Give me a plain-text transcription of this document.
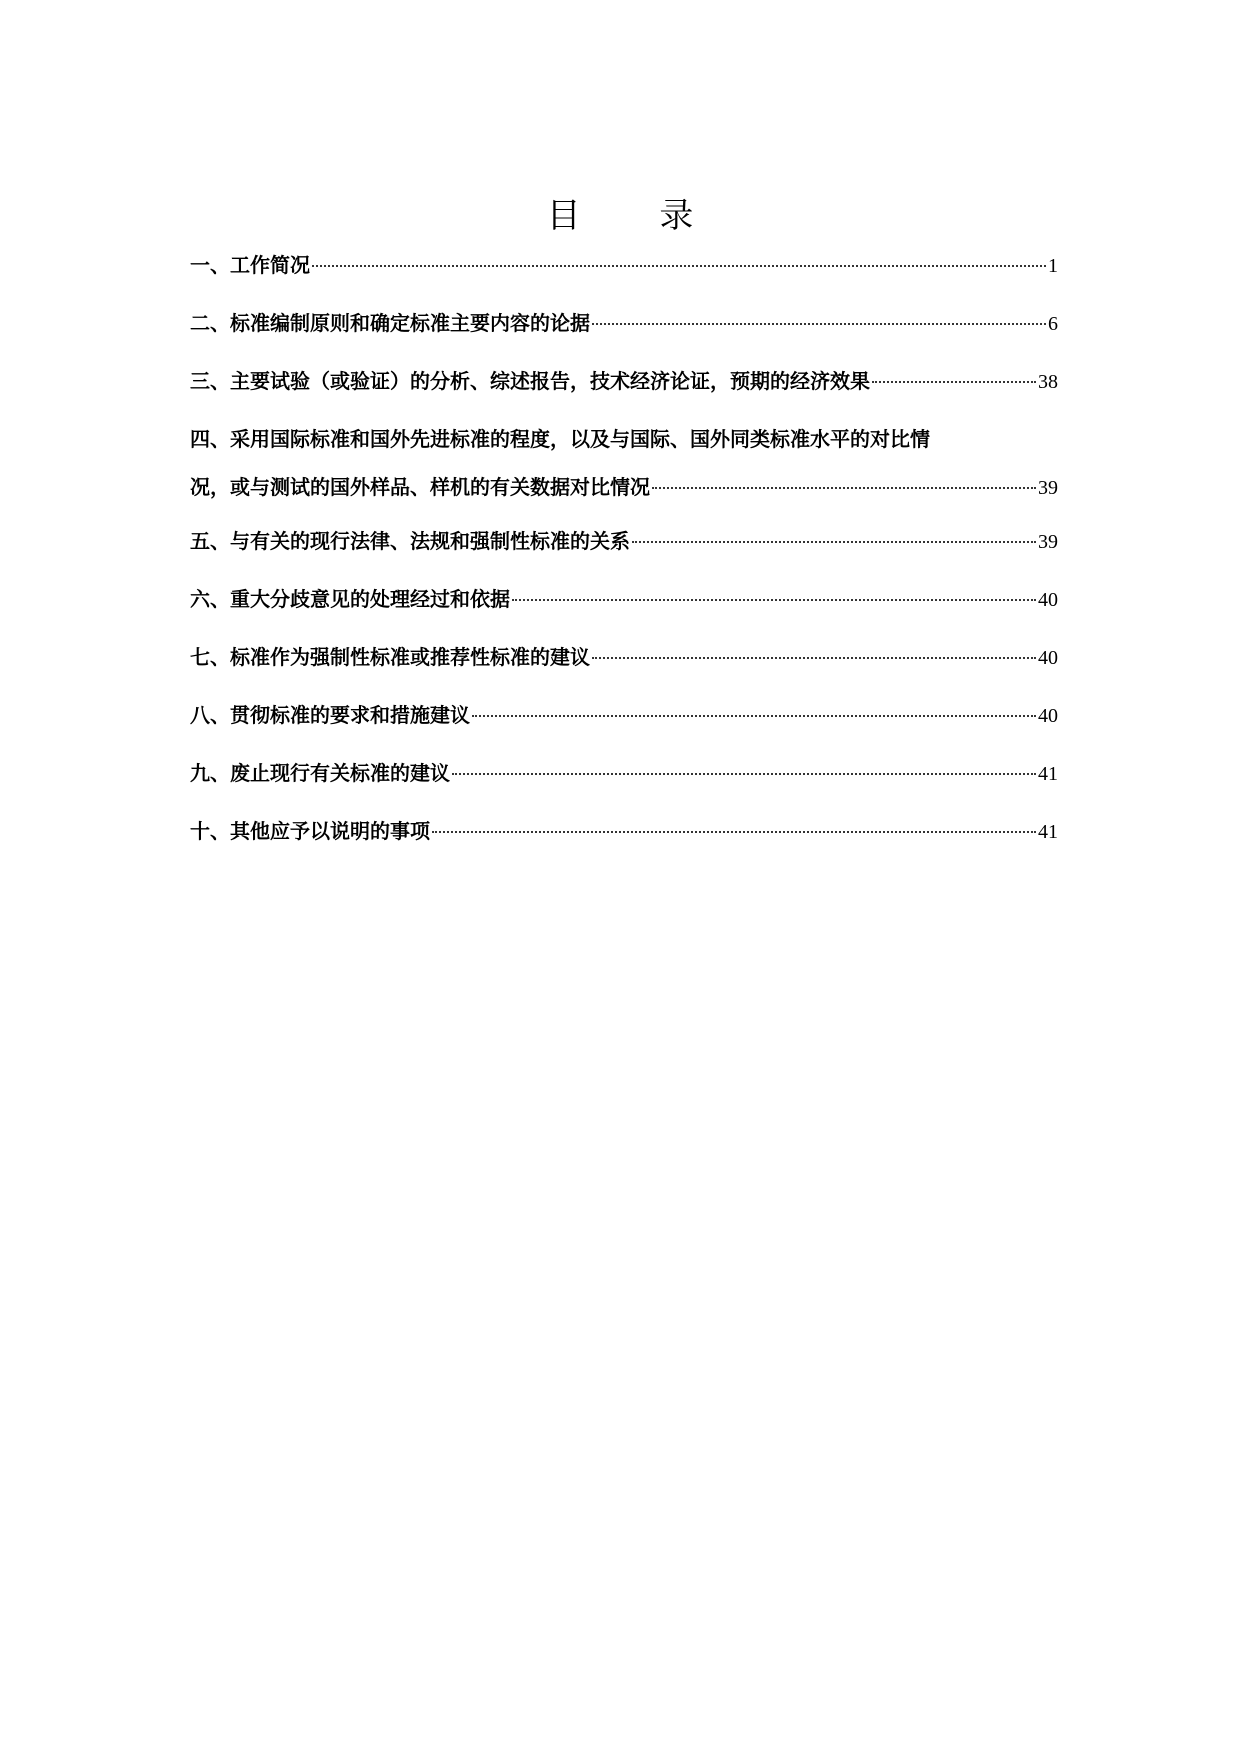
目 录
一、工作简况	1
二、标准编制原则和确定标准主要内容的论据	6
三、主要试验（或验证）的分析、综述报告，技术经济论证，预期的经济效果	38
四、采用国际标准和国外先进标准的程度，以及与国际、国外同类标准水平的对比情
况，或与测试的国外样品、样机的有关数据对比情况	39
五、与有关的现行法律、法规和强制性标准的关系	39
六、重大分歧意见的处理经过和依据	40
七、标准作为强制性标准或推荐性标准的建议	40
八、贯彻标准的要求和措施建议	40
九、废止现行有关标准的建议	41
十、其他应予以说明的事项	41
